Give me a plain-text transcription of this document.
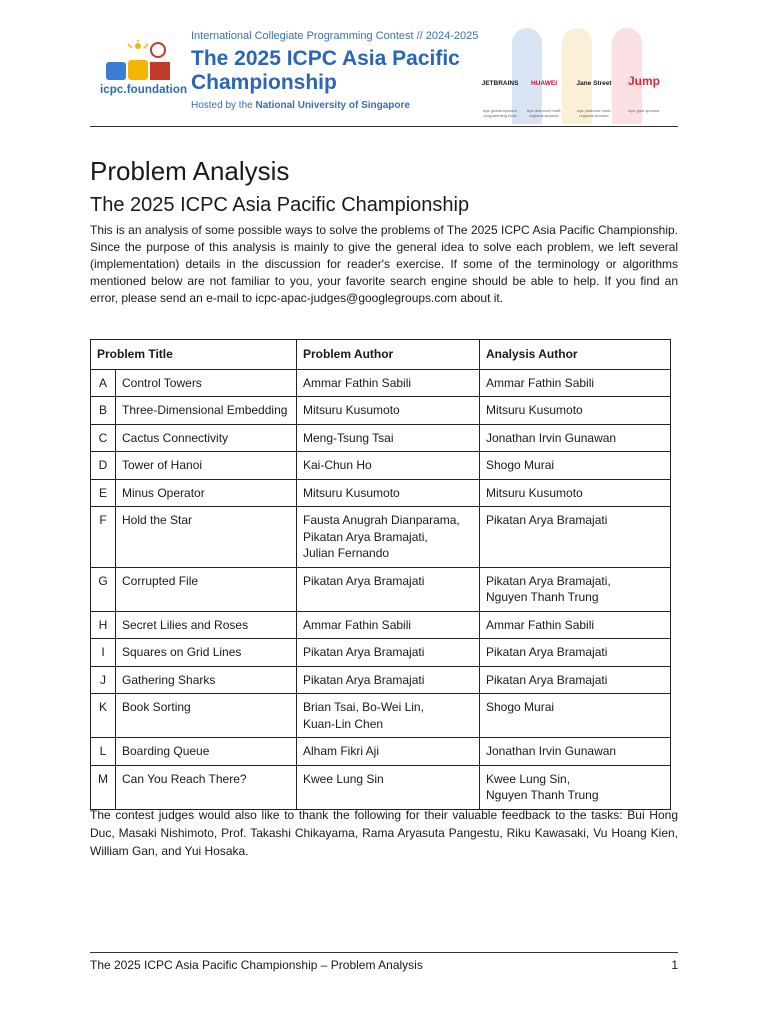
icpc.foundation
International Collegiate Programming Contest // 2024-2025
The 2025 ICPC Asia Pacific Championship
Hosted by the National University of Singapore
JETBRAINS
icpc global sponsor programming tools
HUAWEI
icpc diamond multi-regional sponsor
Jane Street
icpc platinum multi-regional sponsor
Jump
icpc gold sponsor
Problem Analysis
The 2025 ICPC Asia Pacific Championship

This is an analysis of some possible ways to solve the problems of The 2025 ICPC Asia Pacific Championship. Since the purpose of this analysis is mainly to give the general idea to solve each problem, we left several (implementation) details in the discussion for reader's exercise. If some of the terminology or algorithms mentioned below are not familiar to you, your favorite search engine should be able to help. If you find an error, please send an e-mail to icpc-apac-judges@googlegroups.com about it.

Problem Title		Problem Author	Analysis Author
A	Control Towers	Ammar Fathin Sabili	Ammar Fathin Sabili
B	Three-Dimensional Embedding	Mitsuru Kusumoto	Mitsuru Kusumoto
C	Cactus Connectivity	Meng-Tsung Tsai	Jonathan Irvin Gunawan
D	Tower of Hanoi	Kai-Chun Ho	Shogo Murai
E	Minus Operator	Mitsuru Kusumoto	Mitsuru Kusumoto
F	Hold the Star	Fausta Anugrah Dianparama,
Pikatan Arya Bramajati,
Julian Fernando	Pikatan Arya Bramajati
G	Corrupted File	Pikatan Arya Bramajati	Pikatan Arya Bramajati,
Nguyen Thanh Trung
H	Secret Lilies and Roses	Ammar Fathin Sabili	Ammar Fathin Sabili
I	Squares on Grid Lines	Pikatan Arya Bramajati	Pikatan Arya Bramajati
J	Gathering Sharks	Pikatan Arya Bramajati	Pikatan Arya Bramajati
K	Book Sorting	Brian Tsai, Bo-Wei Lin,
Kuan-Lin Chen	Shogo Murai
L	Boarding Queue	Alham Fikri Aji	Jonathan Irvin Gunawan
M	Can You Reach There?	Kwee Lung Sin	Kwee Lung Sin,
Nguyen Thanh Trung

The contest judges would also like to thank the following for their valuable feedback to the tasks: Bui Hong Duc, Masaki Nishimoto, Prof. Takashi Chikayama, Rama Aryasuta Pangestu, Riku Kawasaki, Vu Hoang Kien, William Gan, and Yui Hosaka.

The 2025 ICPC Asia Pacific Championship – Problem Analysis	1
